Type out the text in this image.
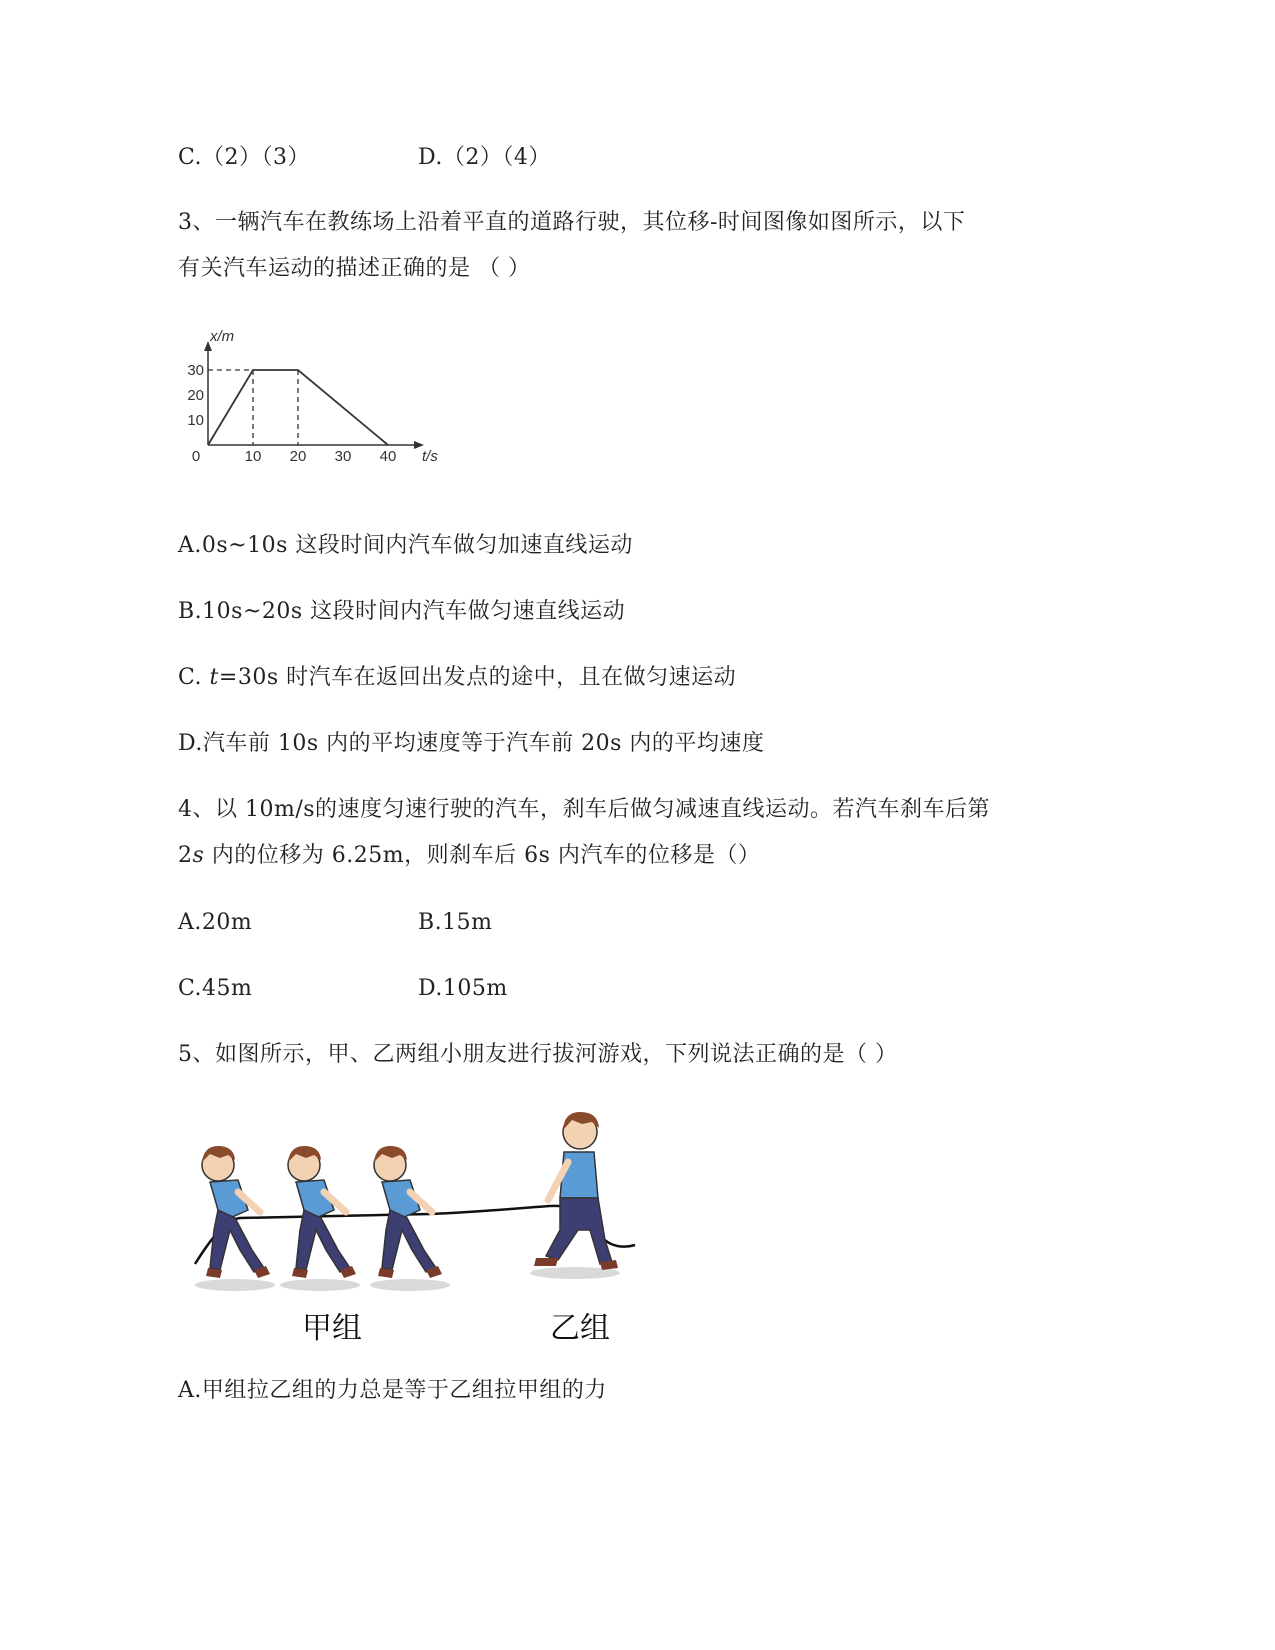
C.（2）（3）	D.（2）（4）
3、一辆汽车在教练场上沿着平直的道路行驶，其位移-时间图像如图所示，以下
有关汽车运动的描述正确的是 （ ）
t/s
x/m
0	10 20 30 40
10
20
30
A.0s~10s 这段时间内汽车做匀加速直线运动
B.10s~20s 这段时间内汽车做匀速直线运动
C. t=30s 时汽车在返回出发点的途中，且在做匀速运动
D.汽车前 10s 内的平均速度等于汽车前 20s 内的平均速度
4、以 10m/s的速度匀速行驶的汽车，刹车后做匀减速直线运动。若汽车刹车后第
2s 内的位移为 6.25m，则刹车后 6s 内汽车的位移是（）
A.20m	B.15m
C.45m	D.105m
5、如图所示，甲、乙两组小朋友进行拔河游戏，下列说法正确的是（ ）
甲组	乙组
A.甲组拉乙组的力总是等于乙组拉甲组的力
